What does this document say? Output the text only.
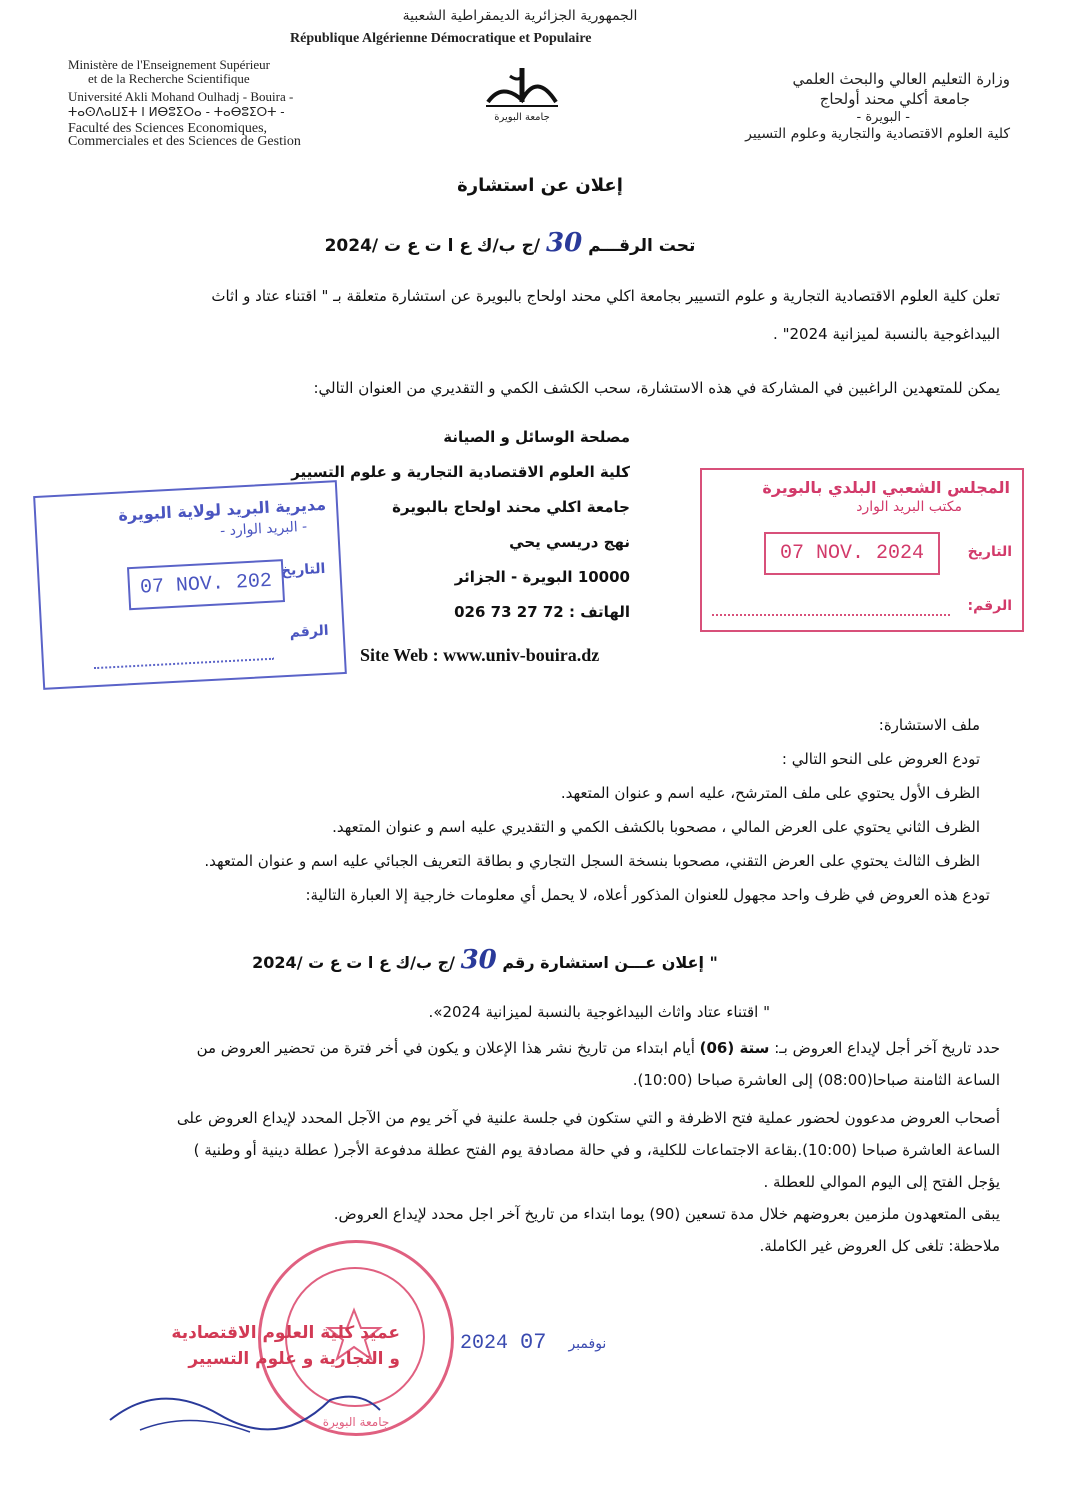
الجمهورية الجزائرية الديمقراطية الشعبية
République Algérienne Démocratique et Populaire
Ministère de l'Enseignement Supérieur
et de la Recherche Scientifique
Université Akli Mohand Oulhadj - Bouira -
ⵜⴰⵙⴷⴰⵡⵉⵜ ⵏ ⵍⴱⵓⵉⵔⴰ - ⵜⴰⴱⵓⵉⵔⵜ -
Faculté des Sciences Economiques,
Commerciales et des Sciences de Gestion
جامعة البويرة
وزارة التعليم العالي والبحث العلمي
جامعة أكلي محند أولحاج
- البويرة -
كلية العلوم الاقتصادية والتجارية وعلوم التسيير
إعلان عن استشارة
تحت الرقـــم 30 /ج ب/ك ع ا ت ع ت /2024
تعلن كلية العلوم الاقتصادية التجارية و علوم التسيير بجامعة اكلي محند اولحاج بالبويرة عن استشارة متعلقة بـ " اقتناء عتاد و اثاث
البيداغوجية بالنسبة لميزانية 2024" .
يمكن للمتعهدين الراغبين في المشاركة في هذه الاستشارة، سحب الكشف الكمي و التقديري من العنوان التالي:
مصلحة الوسائل و الصيانة
كلية العلوم الاقتصادية التجارية و علوم التسيير
جامعة اكلي محند اولحاج بالبويرة
نهج دريسي يحي
10000 البويرة - الجزائر
الهاتف : 026 73 27 72
Site Web : www.univ-bouira.dz
مديرية البريد لولاية البويرة
- البريد الوارد -
التاريخ
07 NOV. 202
الرقم
المجلس الشعبي البلدي بالبويرة
مكتب البريد الوارد
التاريخ
07 NOV. 2024
الرقم:
ملف الاستشارة:
تودع العروض على النحو التالي :
الظرف الأول يحتوي على ملف المترشح، عليه اسم و عنوان المتعهد.
الظرف الثاني يحتوي على العرض المالي ، مصحوبا بالكشف الكمي و التقديري عليه اسم و عنوان المتعهد.
الظرف الثالث يحتوي على العرض التقني، مصحوبا بنسخة السجل التجاري و بطاقة التعريف الجبائي عليه اسم و عنوان المتعهد.
تودع هذه العروض في ظرف واحد مجهول للعنوان المذكور أعلاه، لا يحمل أي معلومات خارجية إلا العبارة التالية:
" إعلان عـــن استشارة رقم 30 /ج ب/ك ع ا ت ع ت /2024
" اقتناء عتاد واثاث البيداغوجية بالنسبة لميزانية 2024».
حدد تاريخ آخر أجل لإيداع العروض بـ: ستة (06) أيام ابتداء من تاريخ نشر هذا الإعلان و يكون في أخر فترة من تحضير العروض من
الساعة الثامنة صباحا(08:00) إلى العاشرة صباحا (10:00).
أصحاب العروض مدعوون لحضور عملية فتح الاظرفة و التي ستكون في جلسة علنية في آخر يوم من الآجل المحدد لإيداع العروض على
الساعة العاشرة صباحا (10:00).بقاعة الاجتماعات للكلية، و في حالة مصادفة يوم الفتح عطلة مدفوعة الأجر( عطلة دينية أو وطنية )
يؤجل الفتح إلى اليوم الموالي للعطلة .
يبقى المتعهدون ملزمين بعروضهم خلال مدة تسعين (90) يوما ابتداء من تاريخ آخر اجل محدد لإيداع العروض.
ملاحظة: تلغى كل العروض غير الكاملة.
جامعة البويرة
عميد كلية العلوم الاقتصادية
و التجارية و علوم التسيير
2024	نوفمبر 07
